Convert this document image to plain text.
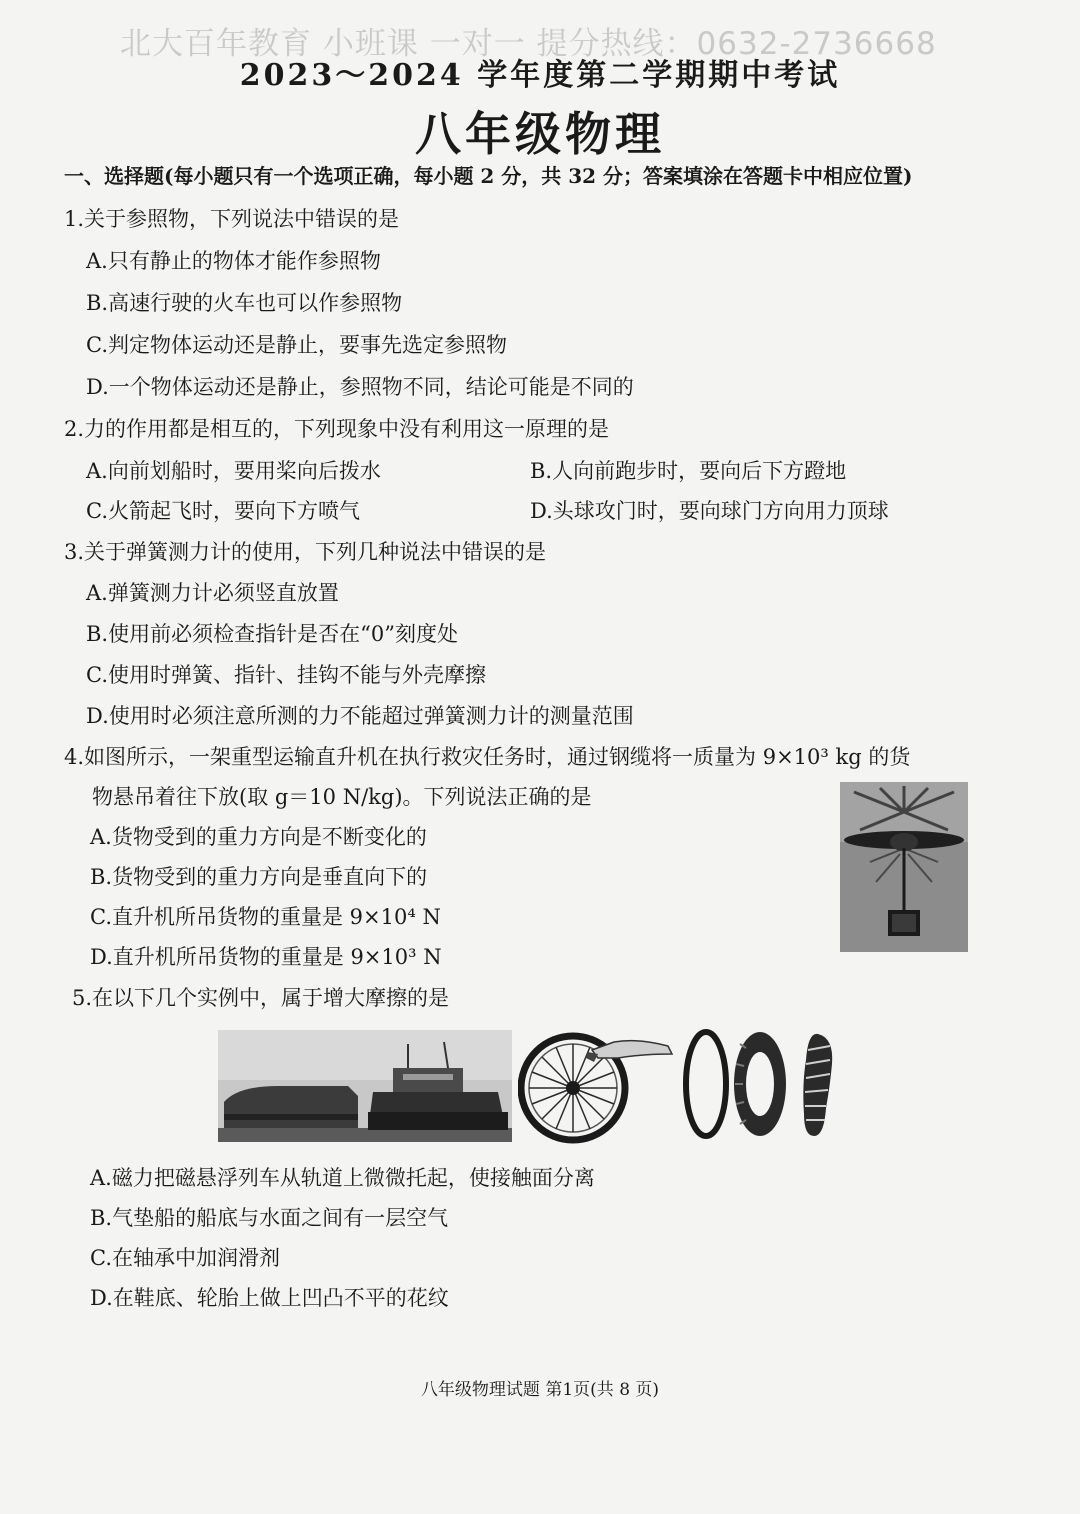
北大百年教育 小班课 一对一 提分热线：0632-2736668
2023～2024 学年度第二学期期中考试
八年级物理
一、选择题(每小题只有一个选项正确，每小题 2 分，共 32 分；答案填涂在答题卡中相应位置)
1.关于参照物，下列说法中错误的是
A.只有静止的物体才能作参照物
B.高速行驶的火车也可以作参照物
C.判定物体运动还是静止，要事先选定参照物
D.一个物体运动还是静止，参照物不同，结论可能是不同的
2.力的作用都是相互的，下列现象中没有利用这一原理的是
A.向前划船时，要用桨向后拨水	B.人向前跑步时，要向后下方蹬地
C.火箭起飞时，要向下方喷气	D.头球攻门时，要向球门方向用力顶球
3.关于弹簧测力计的使用，下列几种说法中错误的是
A.弹簧测力计必须竖直放置
B.使用前必须检查指针是否在“0”刻度处
C.使用时弹簧、指针、挂钩不能与外壳摩擦
D.使用时必须注意所测的力不能超过弹簧测力计的测量范围
4.如图所示，一架重型运输直升机在执行救灾任务时，通过钢缆将一质量为 9×10³ kg 的货
物悬吊着往下放(取 g＝10 N/kg)。下列说法正确的是
A.货物受到的重力方向是不断变化的
B.货物受到的重力方向是垂直向下的
C.直升机所吊货物的重量是 9×10⁴ N
D.直升机所吊货物的重量是 9×10³ N
5.在以下几个实例中，属于增大摩擦的是
A.磁力把磁悬浮列车从轨道上微微托起，使接触面分离
B.气垫船的船底与水面之间有一层空气
C.在轴承中加润滑剂
D.在鞋底、轮胎上做上凹凸不平的花纹
八年级物理试题 第1页(共 8 页)
